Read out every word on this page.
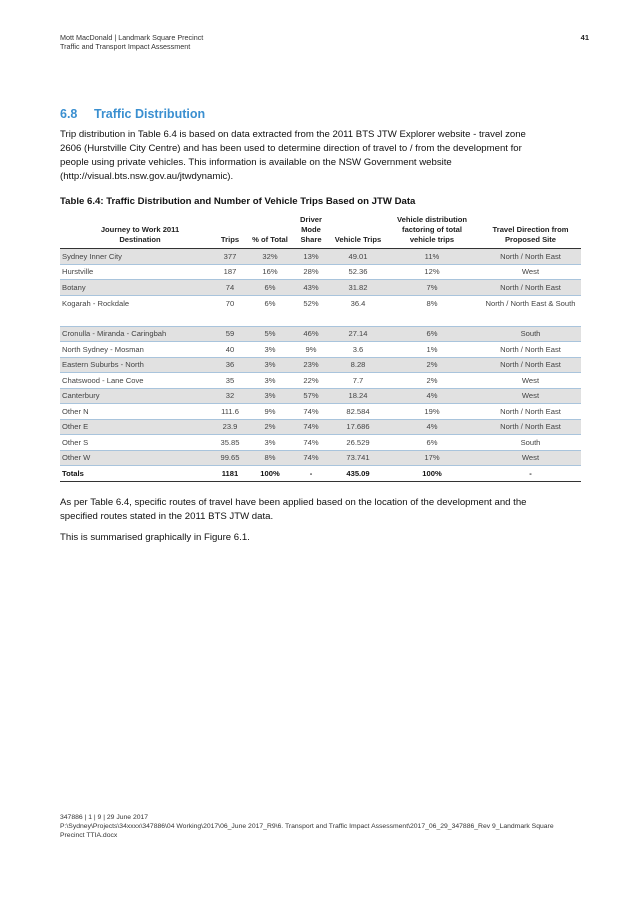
Mott MacDonald | Landmark Square Precinct
Traffic and Transport Impact Assessment
41
6.8 Traffic Distribution
Trip distribution in Table 6.4 is based on data extracted from the 2011 BTS JTW Explorer website - travel zone 2606 (Hurstville City Centre) and has been used to determine direction of travel to / from the development for people using private vehicles. This information is available on the NSW Government website (http://visual.bts.nsw.gov.au/jtwdynamic).
Table 6.4: Traffic Distribution and Number of Vehicle Trips Based on JTW Data
Journey to Work 2011 Destination	Trips	% of Total	Driver Mode Share	Vehicle Trips	Vehicle distribution factoring of total vehicle trips	Travel Direction from Proposed Site
Sydney Inner City	377	32%	13%	49.01	11%	North / North East
Hurstville	187	16%	28%	52.36	12%	West
Botany	74	6%	43%	31.82	7%	North / North East
Kogarah - Rockdale	70	6%	52%	36.4	8%	North / North East & South
Cronulla - Miranda - Caringbah	59	5%	46%	27.14	6%	South
North Sydney - Mosman	40	3%	9%	3.6	1%	North / North East
Eastern Suburbs - North	36	3%	23%	8.28	2%	North / North East
Chatswood - Lane Cove	35	3%	22%	7.7	2%	West
Canterbury	32	3%	57%	18.24	4%	West
Other N	111.6	9%	74%	82.584	19%	North / North East
Other E	23.9	2%	74%	17.686	4%	North / North East
Other S	35.85	3%	74%	26.529	6%	South
Other W	99.65	8%	74%	73.741	17%	West
Totals	1181	100%	-	435.09	100%	-
As per Table 6.4, specific routes of travel have been applied based on the location of the development and the specified routes stated in the 2011 BTS JTW data.
This is summarised graphically in Figure 6.1.
347886 | 1 | 9 | 29 June 2017
P:\Sydney\Projects\34xxxx\347886\04 Working\2017\06_June 2017_R9\6. Transport and Traffic Impact Assessment\2017_06_29_347886_Rev 9_Landmark Square Precinct TTIA.docx
